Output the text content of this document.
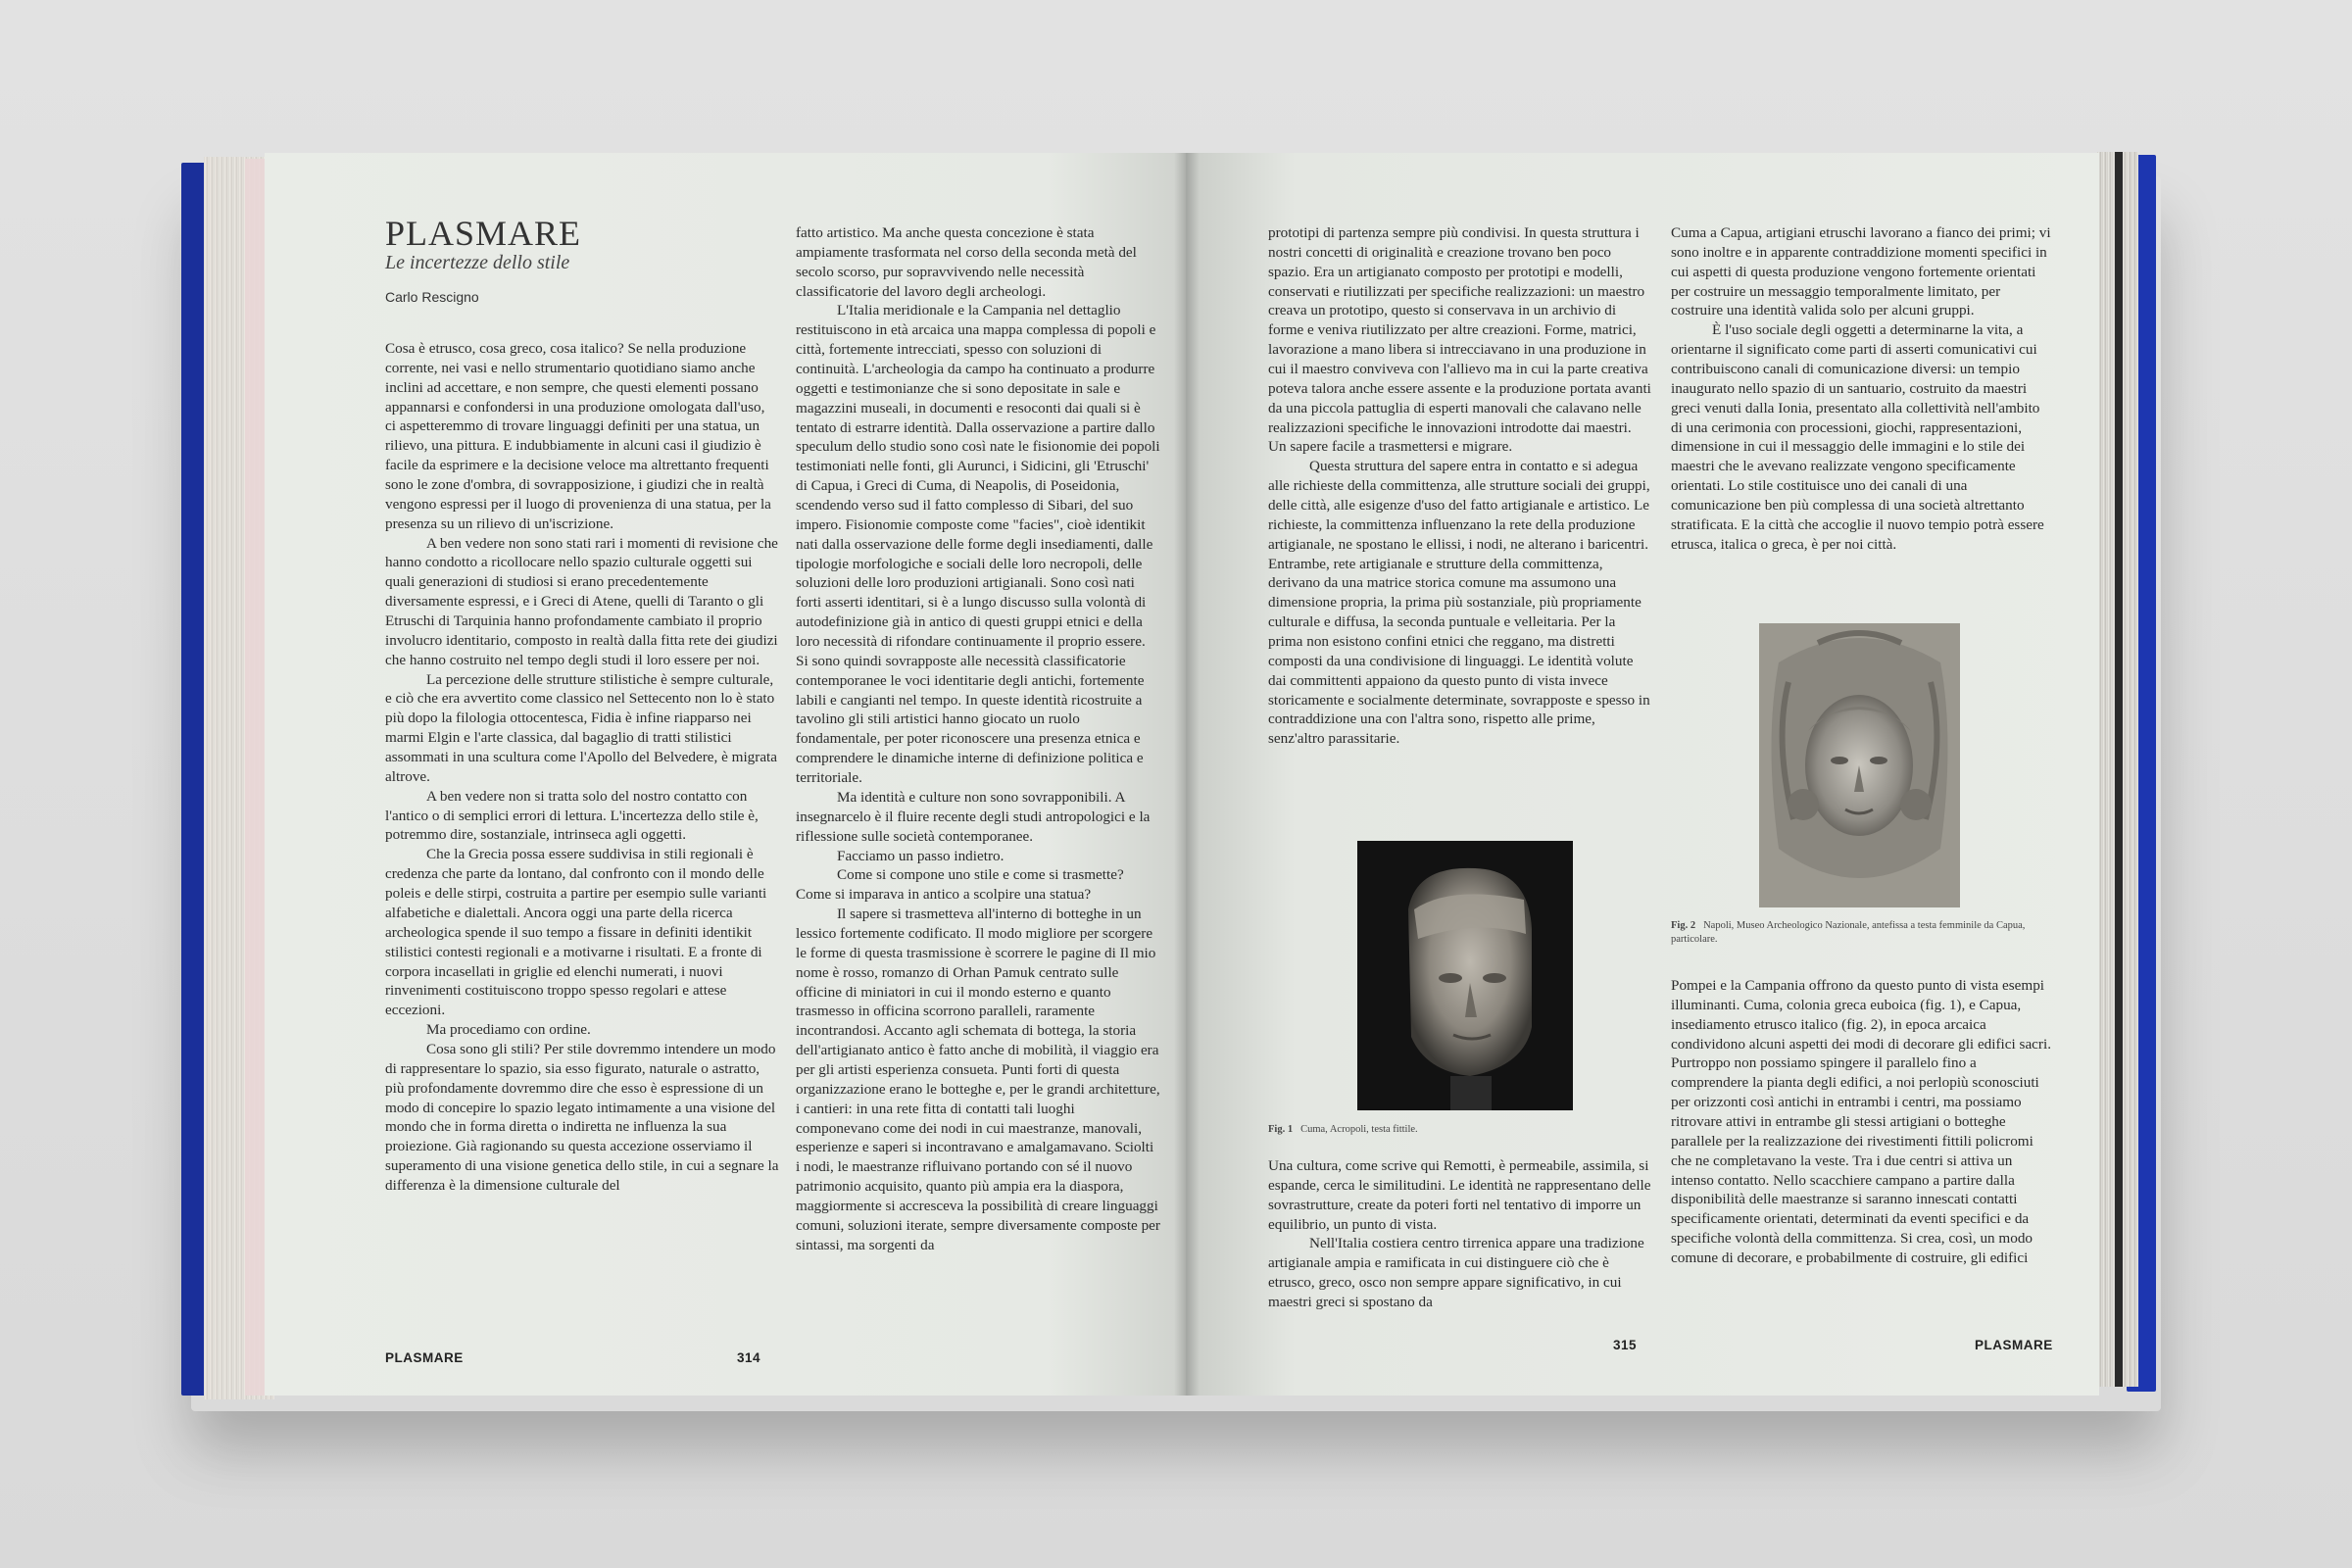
PLASMARE
Le incertezze dello stile
Carlo Rescigno

Cosa è etrusco, cosa greco, cosa italico? Se nella produzione corrente, nei vasi e nello strumentario quotidiano siamo anche inclini ad accettare, e non sempre, che questi elementi possano appannarsi e confondersi in una produzione omologata dall'uso, ci aspetteremmo di trovare linguaggi definiti per una statua, un rilievo, una pittura. E indubbiamente in alcuni casi il giudizio è facile da esprimere e la decisione veloce ma altrettanto frequenti sono le zone d'ombra, di sovrapposizione, i giudizi che in realtà vengono espressi per il luogo di provenienza di una statua, per la presenza su un rilievo di un'iscrizione.

A ben vedere non sono stati rari i momenti di revisione che hanno condotto a ricollocare nello spazio culturale oggetti sui quali generazioni di studiosi si erano precedentemente diversamente espressi, e i Greci di Atene, quelli di Taranto o gli Etruschi di Tarquinia hanno profondamente cambiato il proprio involucro identitario, composto in realtà dalla fitta rete dei giudizi che hanno costruito nel tempo degli studi il loro essere per noi.

La percezione delle strutture stilistiche è sempre culturale, e ciò che era avvertito come classico nel Settecento non lo è stato più dopo la filologia ottocentesca, Fidia è infine riapparso nei marmi Elgin e l'arte classica, dal bagaglio di tratti stilistici assommati in una scultura come l'Apollo del Belvedere, è migrata altrove.

A ben vedere non si tratta solo del nostro contatto con l'antico o di semplici errori di lettura. L'incertezza dello stile è, potremmo dire, sostanziale, intrinseca agli oggetti.

Che la Grecia possa essere suddivisa in stili regionali è credenza che parte da lontano, dal confronto con il mondo delle poleis e delle stirpi, costruita a partire per esempio sulle varianti alfabetiche e dialettali. Ancora oggi una parte della ricerca archeologica spende il suo tempo a fissare in definiti identikit stilistici contesti regionali e a motivarne i risultati. E a fronte di corpora incasellati in griglie ed elenchi numerati, i nuovi rinvenimenti costituiscono troppo spesso regolari e attese eccezioni.

Ma procediamo con ordine.

Cosa sono gli stili? Per stile dovremmo intendere un modo di rappresentare lo spazio, sia esso figurato, naturale o astratto, più profondamente dovremmo dire che esso è espressione di un modo di concepire lo spazio legato intimamente a una visione del mondo che in forma diretta o indiretta ne influenza la sua proiezione. Già ragionando su questa accezione osserviamo il superamento di una visione genetica dello stile, in cui a segnare la differenza è la dimensione culturale del

fatto artistico. Ma anche questa concezione è stata ampiamente trasformata nel corso della seconda metà del secolo scorso, pur sopravvivendo nelle necessità classificatorie del lavoro degli archeologi.

L'Italia meridionale e la Campania nel dettaglio restituiscono in età arcaica una mappa complessa di popoli e città, fortemente intrecciati, spesso con soluzioni di continuità. L'archeologia da campo ha continuato a produrre oggetti e testimonianze che si sono depositate in sale e magazzini museali, in documenti e resoconti dai quali si è tentato di estrarre identità. Dalla osservazione a partire dallo speculum dello studio sono così nate le fisionomie dei popoli testimoniati nelle fonti, gli Aurunci, i Sidicini, gli 'Etruschi' di Capua, i Greci di Cuma, di Neapolis, di Poseidonia, scendendo verso sud il fatto complesso di Sibari, del suo impero. Fisionomie composte come "facies", cioè identikit nati dalla osservazione delle forme degli insediamenti, dalle tipologie morfologiche e sociali delle loro necropoli, delle soluzioni delle loro produzioni artigianali. Sono così nati forti asserti identitari, si è a lungo discusso sulla volontà di autodefinizione già in antico di questi gruppi etnici e della loro necessità di rifondare continuamente il proprio essere. Si sono quindi sovrapposte alle necessità classificatorie contemporanee le voci identitarie degli antichi, fortemente labili e cangianti nel tempo. In queste identità ricostruite a tavolino gli stili artistici hanno giocato un ruolo fondamentale, per poter riconoscere una presenza etnica e comprendere le dinamiche interne di definizione politica e territoriale.

Ma identità e culture non sono sovrapponibili. A insegnarcelo è il fluire recente degli studi antropologici e la riflessione sulle società contemporanee.

Facciamo un passo indietro.

Come si compone uno stile e come si trasmette? Come si imparava in antico a scolpire una statua?

Il sapere si trasmetteva all'interno di botteghe in un lessico fortemente codificato. Il modo migliore per scorgere le forme di questa trasmissione è scorrere le pagine di Il mio nome è rosso, romanzo di Orhan Pamuk centrato sulle officine di miniatori in cui il mondo esterno e quanto trasmesso in officina scorrono paralleli, raramente incontrandosi. Accanto agli schemata di bottega, la storia dell'artigianato antico è fatto anche di mobilità, il viaggio era per gli artisti esperienza consueta. Punti forti di questa organizzazione erano le botteghe e, per le grandi architetture, i cantieri: in una rete fitta di contatti tali luoghi componevano come dei nodi in cui maestranze, manovali, esperienze e saperi si incontravano e amalgamavano. Sciolti i nodi, le maestranze rifluivano portando con sé il nuovo patrimonio acquisito, quanto più ampia era la diaspora, maggiormente si accresceva la possibilità di creare linguaggi comuni, soluzioni iterate, sempre diversamente composte per sintassi, ma sorgenti da

PLASMARE	314

prototipi di partenza sempre più condivisi. In questa struttura i nostri concetti di originalità e creazione trovano ben poco spazio. Era un artigianato composto per prototipi e modelli, conservati e riutilizzati per specifiche realizzazioni: un maestro creava un prototipo, questo si conservava in un archivio di forme e veniva riutilizzato per altre creazioni. Forme, matrici, lavorazione a mano libera si intrecciavano in una produzione in cui il maestro conviveva con l'allievo ma in cui la parte creativa poteva talora anche essere assente e la produzione portata avanti da una piccola pattuglia di esperti manovali che calavano nelle realizzazioni specifiche le innovazioni introdotte dai maestri. Un sapere facile a trasmettersi e migrare.

Questa struttura del sapere entra in contatto e si adegua alle richieste della committenza, alle strutture sociali dei gruppi, delle città, alle esigenze d'uso del fatto artigianale e artistico. Le richieste, la committenza influenzano la rete della produzione artigianale, ne spostano le ellissi, i nodi, ne alterano i baricentri. Entrambe, rete artigianale e strutture della committenza, derivano da una matrice storica comune ma assumono una dimensione propria, la prima più sostanziale, più propriamente culturale e diffusa, la seconda puntuale e velleitaria. Per la prima non esistono confini etnici che reggano, ma distretti composti da una condivisione di linguaggi. Le identità volute dai committenti appaiono da questo punto di vista invece storicamente e socialmente determinate, sovrapposte e spesso in contraddizione una con l'altra sono, rispetto alle prime, senz'altro parassitarie.

Fig. 1 Cuma, Acropoli, testa fittile.

Una cultura, come scrive qui Remotti, è permeabile, assimila, si espande, cerca le similitudini. Le identità ne rappresentano delle sovrastrutture, create da poteri forti nel tentativo di imporre un equilibrio, un punto di vista.

Nell'Italia costiera centro tirrenica appare una tradizione artigianale ampia e ramificata in cui distinguere ciò che è etrusco, greco, osco non sempre appare significativo, in cui maestri greci si spostano da

Cuma a Capua, artigiani etruschi lavorano a fianco dei primi; vi sono inoltre e in apparente contraddizione momenti specifici in cui aspetti di questa produzione vengono fortemente orientati per costruire un messaggio temporalmente limitato, per costruire una identità valida solo per alcuni gruppi.

È l'uso sociale degli oggetti a determinarne la vita, a orientarne il significato come parti di asserti comunicativi cui contribuiscono canali di comunicazione diversi: un tempio inaugurato nello spazio di un santuario, costruito da maestri greci venuti dalla Ionia, presentato alla collettività nell'ambito di una cerimonia con processioni, giochi, rappresentazioni, dimensione in cui il messaggio delle immagini e lo stile dei maestri che le avevano realizzate vengono specificamente orientati. Lo stile costituisce uno dei canali di una comunicazione ben più complessa di una società altrettanto stratificata. E la città che accoglie il nuovo tempio potrà essere etrusca, italica o greca, è per noi città.

Fig. 2 Napoli, Museo Archeologico Nazionale, antefissa a testa femminile da Capua, particolare.

Pompei e la Campania offrono da questo punto di vista esempi illuminanti. Cuma, colonia greca euboica (fig. 1), e Capua, insediamento etrusco italico (fig. 2), in epoca arcaica condividono alcuni aspetti dei modi di decorare gli edifici sacri. Purtroppo non possiamo spingere il parallelo fino a comprendere la pianta degli edifici, a noi perlopiù sconosciuti per orizzonti così antichi in entrambi i centri, ma possiamo ritrovare attivi in entrambe gli stessi artigiani o botteghe parallele per la realizzazione dei rivestimenti fittili policromi che ne completavano la veste. Tra i due centri si attiva un intenso contatto. Nello scacchiere campano a partire dalla disponibilità delle maestranze si saranno innescati contatti specificamente orientati, determinati da eventi specifici e da specifiche volontà della committenza. Si crea, così, un modo comune di decorare, e probabilmente di costruire, gli edifici

315	PLASMARE
